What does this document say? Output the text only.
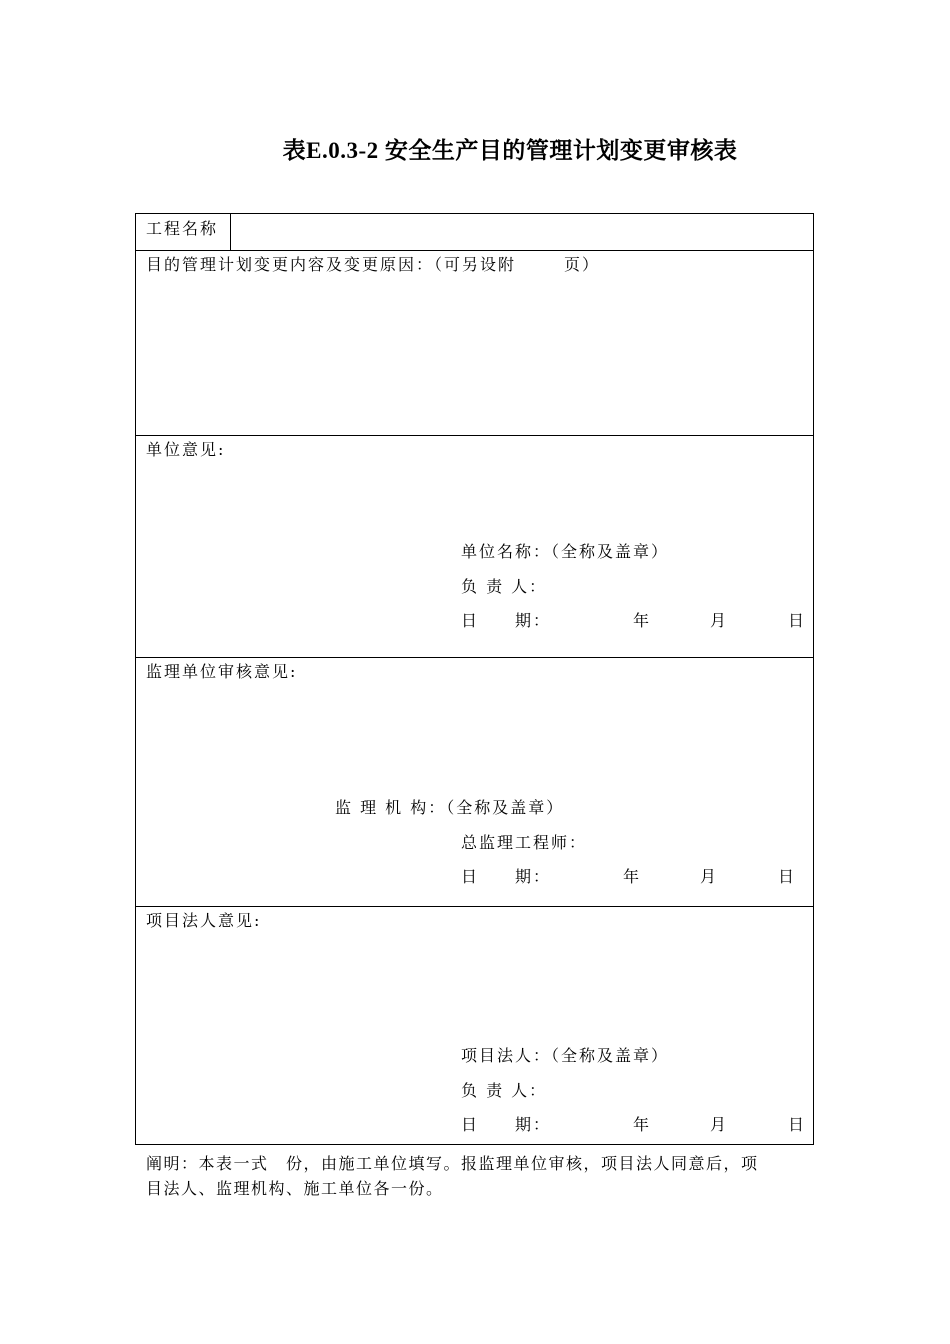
表E.0.3-2 安全生产目的管理计划变更审核表
工程名称
目的管理计划变更内容及变更原因：（可另设附	页）
单位意见:
单位名称：（全称及盖章）
负 责 人：
日　　期：	年	月	日
监理单位审核意见:
监 理 机 构：（全称及盖章）
总监理工程师：
日　　期：	年	月	日
项目法人意见:
项目法人：（全称及盖章）
负 责 人：
日　　期：	年	月	日
阐明：本表一式　份，由施工单位填写。报监理单位审核，项目法人同意后，项
目法人、监理机构、施工单位各一份。
